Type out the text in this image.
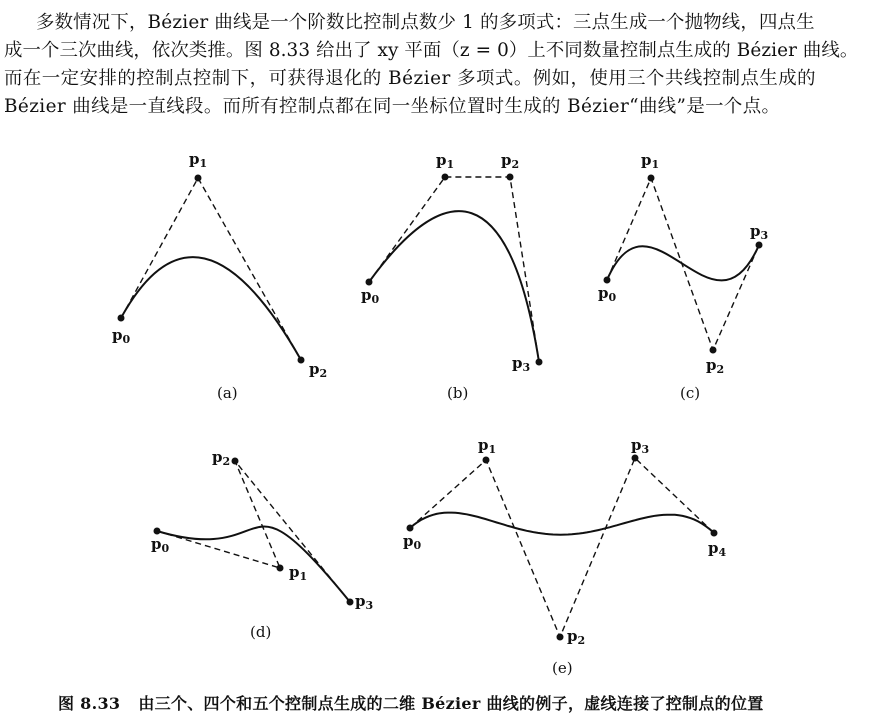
多数情况下，Bézier 曲线是一个阶数比控制点数少 1 的多项式：三点生成一个抛物线，四点生
成一个三次曲线，依次类推。图 8.33 给出了 xy 平面（z = 0）上不同数量控制点生成的 Bézier 曲线。
而在一定安排的控制点控制下，可获得退化的 Bézier 多项式。例如，使用三个共线控制点生成的
Bézier 曲线是一直线段。而所有控制点都在同一坐标位置时生成的 Bézier“曲线”是一个点。

$p_0$
$p_1$
$p_2$
(a)
$p_0$
$p_1$	$p_2$
$p_3$
(b)
$p_0$
$p_1$
$p_2$
$p_3$
(c)
$p_0$
$p_1$
$p_2$
$p_3$
(d)
$p_0$
$p_1$
$p_2$
$p_3$
$p_4$
(e)
图 8.33 由三个、四个和五个控制点生成的二维 Bézier 曲线的例子，虚线连接了控制点的位置
